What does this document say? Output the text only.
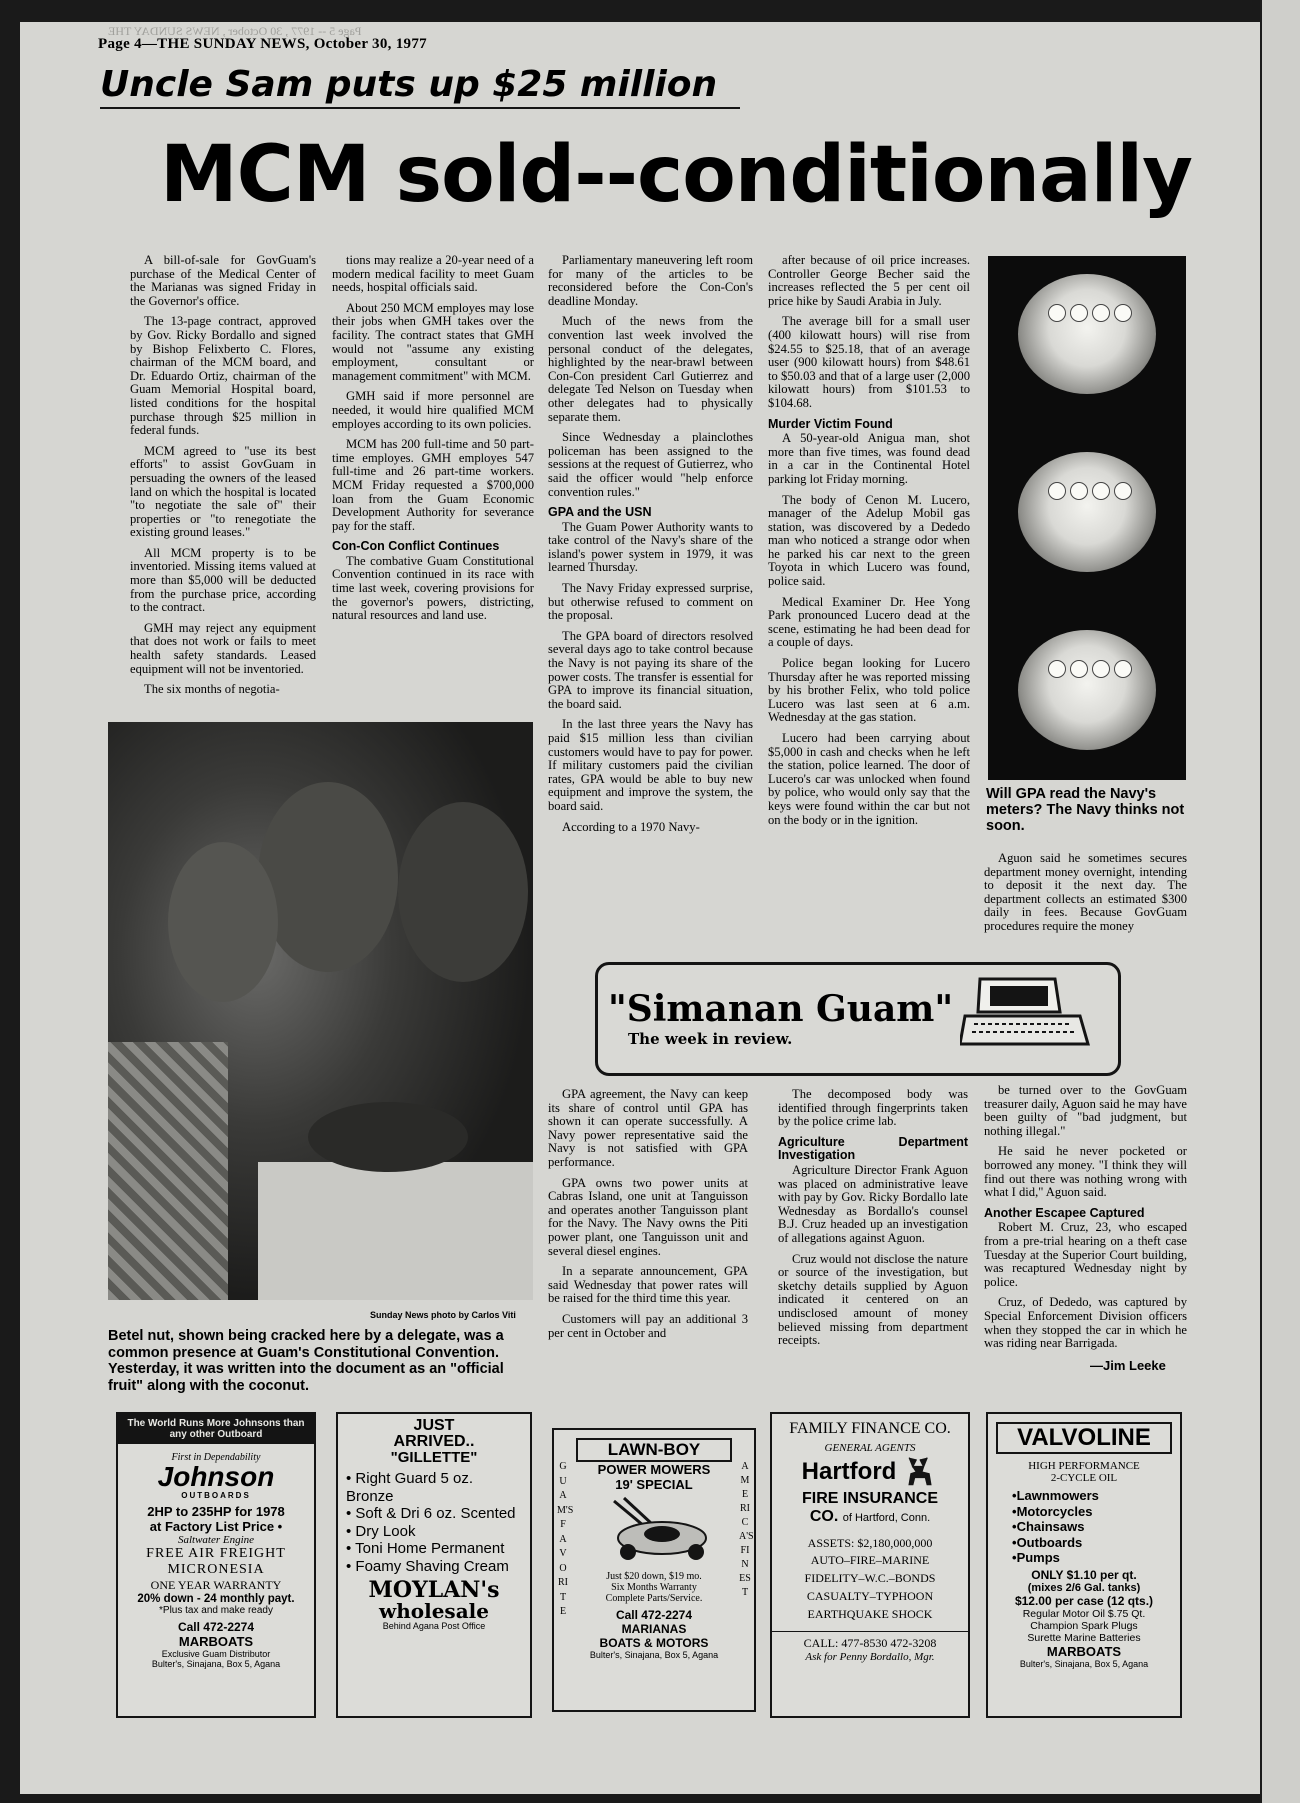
Page 5 -- 1977 , 30 October , NEWS SUNDAY THE
Page 4—THE SUNDAY NEWS, October 30, 1977
Uncle Sam puts up $25 million
MCM sold--conditionally

A bill-of-sale for GovGuam's purchase of the Medical Center of the Marianas was signed Friday in the Governor's office.

The 13-page contract, approved by Gov. Ricky Bordallo and signed by Bishop Felixberto C. Flores, chairman of the MCM board, and Dr. Eduardo Ortiz, chairman of the Guam Memorial Hospital board, listed conditions for the hospital purchase through $25 million in federal funds.

MCM agreed to "use its best efforts" to assist GovGuam in persuading the owners of the leased land on which the hospital is located "to negotiate the sale of" their properties or "to renegotiate the existing ground leases."

All MCM property is to be inventoried. Missing items valued at more than $5,000 will be deducted from the purchase price, according to the contract.

GMH may reject any equipment that does not work or fails to meet health safety standards. Leased equipment will not be inventoried.

The six months of negotia-

tions may realize a 20-year need of a modern medical facility to meet Guam needs, hospital officials said.

About 250 MCM employes may lose their jobs when GMH takes over the facility. The contract states that GMH would not "assume any existing employment, consultant or management commitment" with MCM.

GMH said if more personnel are needed, it would hire qualified MCM employes according to its own policies.

MCM has 200 full-time and 50 part-time employes. GMH employes 547 full-time and 26 part-time workers. MCM Friday requested a $700,000 loan from the Guam Economic Development Authority for severance pay for the staff.

Con-Con Conflict Continues

The combative Guam Constitutional Convention continued in its race with time last week, covering provisions for the governor's powers, districting, natural resources and land use.

Parliamentary maneuvering left room for many of the articles to be reconsidered before the Con-Con's deadline Monday.

Much of the news from the convention last week involved the personal conduct of the delegates, highlighted by the near-brawl between Con-Con president Carl Gutierrez and delegate Ted Nelson on Tuesday when other delegates had to physically separate them.

Since Wednesday a plainclothes policeman has been assigned to the sessions at the request of Gutierrez, who said the officer would "help enforce convention rules."

GPA and the USN

The Guam Power Authority wants to take control of the Navy's share of the island's power system in 1979, it was learned Thursday.

The Navy Friday expressed surprise, but otherwise refused to comment on the proposal.

The GPA board of directors resolved several days ago to take control because the Navy is not paying its share of the power costs. The transfer is essential for GPA to improve its financial situation, the board said.

In the last three years the Navy has paid $15 million less than civilian customers would have to pay for power. If military customers paid the civilian rates, GPA would be able to buy new equipment and improve the system, the board said.

According to a 1970 Navy-

after because of oil price increases. Controller George Becher said the increases reflected the 5 per cent oil price hike by Saudi Arabia in July.

The average bill for a small user (400 kilowatt hours) will rise from $24.55 to $25.18, that of an average user (900 kilowatt hours) from $48.61 to $50.03 and that of a large user (2,000 kilowatt hours) from $101.53 to $104.68.

Murder Victim Found

A 50-year-old Anigua man, shot more than five times, was found dead in a car in the Continental Hotel parking lot Friday morning.

The body of Cenon M. Lucero, manager of the Adelup Mobil gas station, was discovered by a Dededo man who noticed a strange odor when he parked his car next to the green Toyota in which Lucero was found, police said.

Medical Examiner Dr. Hee Yong Park pronounced Lucero dead at the scene, estimating he had been dead for a couple of days.

Police began looking for Lucero Thursday after he was reported missing by his brother Felix, who told police Lucero was last seen at 6 a.m. Wednesday at the gas station.

Lucero had been carrying about $5,000 in cash and checks when he left the station, police learned. The door of Lucero's car was unlocked when found by police, who would only say that the keys were found within the car but not on the body or in the ignition.

Aguon said he sometimes secures department money overnight, intending to deposit it the next day. The department collects an estimated $300 daily in fees. Because GovGuam procedures require the money

GPA agreement, the Navy can keep its share of control until GPA has shown it can operate successfully. A Navy power representative said the Navy is not satisfied with GPA performance.

GPA owns two power units at Cabras Island, one unit at Tanguisson and operates another Tanguisson plant for the Navy. The Navy owns the Piti power plant, one Tanguisson unit and several diesel engines.

In a separate announcement, GPA said Wednesday that power rates will be raised for the third time this year.

Customers will pay an additional 3 per cent in October and

The decomposed body was identified through fingerprints taken by the police crime lab.

Agriculture Department Investigation

Agriculture Director Frank Aguon was placed on administrative leave with pay by Gov. Ricky Bordallo late Wednesday as Bordallo's counsel B.J. Cruz headed up an investigation of allegations against Aguon.

Cruz would not disclose the nature or source of the investigation, but sketchy details supplied by Aguon indicated it centered on an undisclosed amount of money believed missing from department receipts.

be turned over to the GovGuam treasurer daily, Aguon said he may have been guilty of "bad judgment, but nothing illegal."

He said he never pocketed or borrowed any money. "I think they will find out there was nothing wrong with what I did," Aguon said.

Another Escapee Captured

Robert M. Cruz, 23, who escaped from a pre-trial hearing on a theft case Tuesday at the Superior Court building, was recaptured Wednesday night by police.

Cruz, of Dededo, was captured by Special Enforcement Division officers when they stopped the car in which he was riding near Barrigada.

—Jim Leeke
Sunday News photo by Carlos Viti
Betel nut, shown being cracked here by a delegate, was a common presence at Guam's Constitutional Convention. Yesterday, it was written into the document as an "official fruit" along with the coconut.
Will GPA read the Navy's meters? The Navy thinks not soon.
"Simanan Guam"
The week in review.
The World Runs More Johnsons than any other Outboard
First in Dependability
Johnson
OUTBOARDS
2HP to 235HP for 1978
at Factory List Price •
Saltwater Engine
FREE AIR FREIGHT
MICRONESIA
ONE YEAR WARRANTY
20% down - 24 monthly payt.
*Plus tax and make ready
Call 472-2274
MARBOATS
Exclusive Guam Distributor
Bulter's, Sinajana, Box 5, Agana
JUST
ARRIVED..
"GILLETTE"
• Right Guard 5 oz. Bronze
• Soft & Dri 6 oz. Scented
• Dry Look
• Toni Home Permanent
• Foamy Shaving Cream
MOYLAN's
wholesale
Behind Agana Post Office
LAWN-BOY
POWER MOWERS
19' SPECIAL
Just $20 down, $19 mo.
Six Months Warranty
Complete Parts/Service.
Call 472-2274
MARIANAS
BOATS & MOTORS
Bulter's, Sinajana, Box 5, Agana
GUAM'S FAVORITE
AMERICA'S FINEST
FAMILY FINANCE CO.
GENERAL AGENTS
Hartford
FIRE INSURANCE
CO. of Hartford, Conn.
ASSETS: $2,180,000,000
AUTO–FIRE–MARINE
FIDELITY–W.C.–BONDS
CASUALTY–TYPHOON
EARTHQUAKE SHOCK
CALL: 477-8530 472-3208
Ask for Penny Bordallo, Mgr.
VALVOLINE
HIGH PERFORMANCE
2-CYCLE OIL
•Lawnmowers
•Motorcycles
•Chainsaws
•Outboards
•Pumps
ONLY $1.10 per qt.
(mixes 2/6 Gal. tanks)
$12.00 per case (12 qts.)
Regular Motor Oil $.75 Qt.
Champion Spark Plugs
Surette Marine Batteries
MARBOATS
Bulter's, Sinajana, Box 5, Agana
